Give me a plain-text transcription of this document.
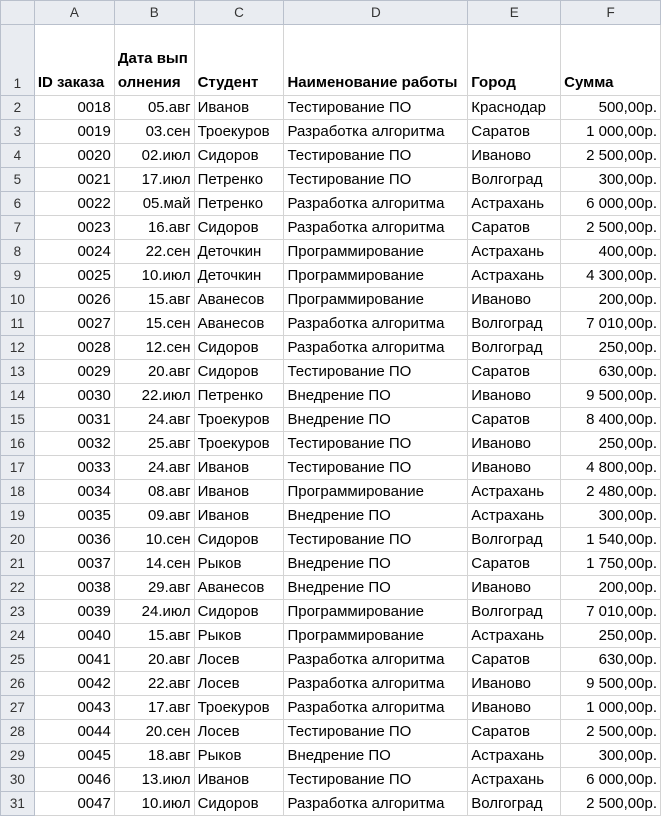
	A	B	C	D	E	F
1	ID заказа	Дата выполнения	Студент	Наименование работы	Город	Сумма
2	0018	05.авг	Иванов	Тестирование ПО	Краснодар	500,00р.
3	0019	03.сен	Троекуров	Разработка алгоритма	Саратов	1 000,00р.
4	0020	02.июл	Сидоров	Тестирование ПО	Иваново	2 500,00р.
5	0021	17.июл	Петренко	Тестирование ПО	Волгоград	300,00р.
6	0022	05.май	Петренко	Разработка алгоритма	Астрахань	6 000,00р.
7	0023	16.авг	Сидоров	Разработка алгоритма	Саратов	2 500,00р.
8	0024	22.сен	Деточкин	Программирование	Астрахань	400,00р.
9	0025	10.июл	Деточкин	Программирование	Астрахань	4 300,00р.
10	0026	15.авг	Аванесов	Программирование	Иваново	200,00р.
11	0027	15.сен	Аванесов	Разработка алгоритма	Волгоград	7 010,00р.
12	0028	12.сен	Сидоров	Разработка алгоритма	Волгоград	250,00р.
13	0029	20.авг	Сидоров	Тестирование ПО	Саратов	630,00р.
14	0030	22.июл	Петренко	Внедрение ПО	Иваново	9 500,00р.
15	0031	24.авг	Троекуров	Внедрение ПО	Саратов	8 400,00р.
16	0032	25.авг	Троекуров	Тестирование ПО	Иваново	250,00р.
17	0033	24.авг	Иванов	Тестирование ПО	Иваново	4 800,00р.
18	0034	08.авг	Иванов	Программирование	Астрахань	2 480,00р.
19	0035	09.авг	Иванов	Внедрение ПО	Астрахань	300,00р.
20	0036	10.сен	Сидоров	Тестирование ПО	Волгоград	1 540,00р.
21	0037	14.сен	Рыков	Внедрение ПО	Саратов	1 750,00р.
22	0038	29.авг	Аванесов	Внедрение ПО	Иваново	200,00р.
23	0039	24.июл	Сидоров	Программирование	Волгоград	7 010,00р.
24	0040	15.авг	Рыков	Программирование	Астрахань	250,00р.
25	0041	20.авг	Лосев	Разработка алгоритма	Саратов	630,00р.
26	0042	22.авг	Лосев	Разработка алгоритма	Иваново	9 500,00р.
27	0043	17.авг	Троекуров	Разработка алгоритма	Иваново	1 000,00р.
28	0044	20.сен	Лосев	Тестирование ПО	Саратов	2 500,00р.
29	0045	18.авг	Рыков	Внедрение ПО	Астрахань	300,00р.
30	0046	13.июл	Иванов	Тестирование ПО	Астрахань	6 000,00р.
31	0047	10.июл	Сидоров	Разработка алгоритма	Волгоград	2 500,00р.
